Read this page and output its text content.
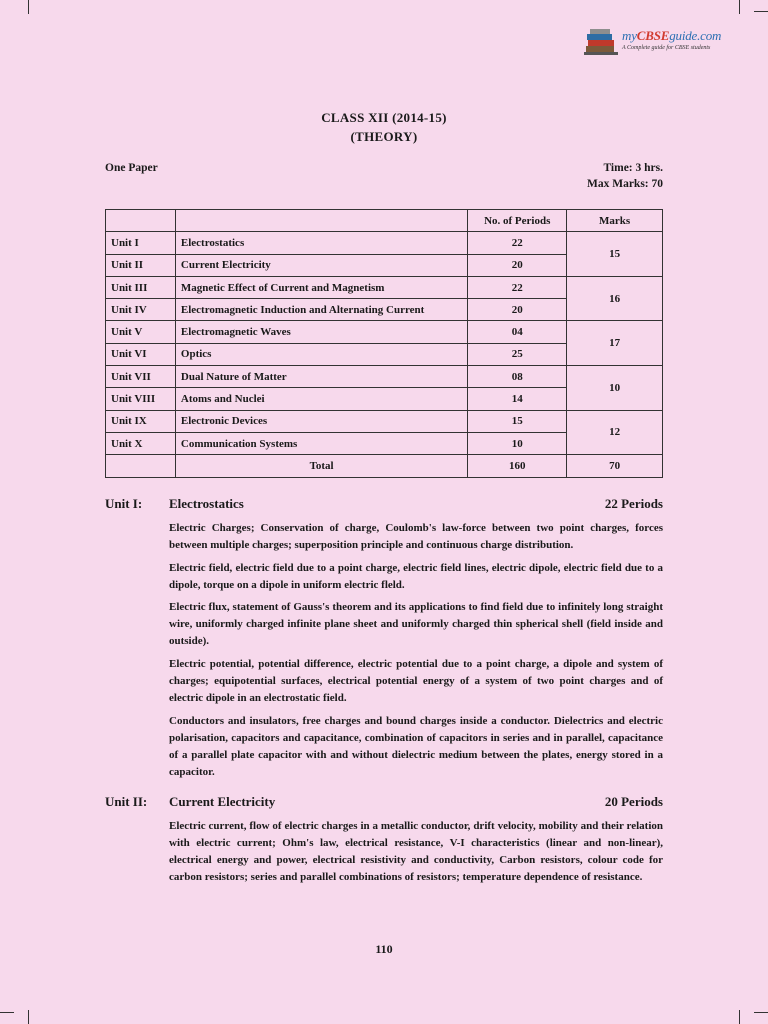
myCBSEguide.com
A Complete guide for CBSE students
CLASS XII (2014-15)
(THEORY)
One Paper	Time: 3 hrs.
Max Marks: 70
		No. of Periods	Marks
Unit I	Electrostatics	22	15
Unit II	Current Electricity	20	
Unit III	Magnetic Effect of Current and Magnetism	22	16
Unit IV	Electromagnetic Induction and Alternating Current	20	
Unit V	Electromagnetic Waves	04	17
Unit VI	Optics	25	
Unit VII	Dual Nature of Matter	08	10
Unit VIII	Atoms and Nuclei	14	
Unit IX	Electronic Devices	15	12
Unit X	Communication Systems	10	
	Total	160	70
Unit I: Electrostatics	22 Periods

Electric Charges; Conservation of charge, Coulomb's law-force between two point charges, forces between multiple charges; superposition principle and continuous charge distribution.

Electric field, electric field due to a point charge, electric field lines, electric dipole, electric field due to a dipole, torque on a dipole in uniform electric fleld.

Electric flux, statement of Gauss's theorem and its applications to find field due to infinitely long straight wire, uniformly charged infinite plane sheet and uniformly charged thin spherical shell (field inside and outside).

Electric potential, potential difference, electric potential due to a point charge, a dipole and system of charges; equipotential surfaces, electrical potential energy of a system of two point charges and of electric dipole in an electrostatic field.

Conductors and insulators, free charges and bound charges inside a conductor. Dielectrics and electric polarisation, capacitors and capacitance, combination of capacitors in series and in parallel, capacitance of a parallel plate capacitor with and without dielectric medium between the plates, energy stored in a capacitor.

Unit II: Current Electricity	20 Periods

Electric current, flow of electric charges in a metallic conductor, drift velocity, mobility and their relation with electric current; Ohm's law, electrical resistance, V-I characteristics (linear and non-linear), electrical energy and power, electrical resistivity and conductivity, Carbon resistors, colour code for carbon resistors; series and parallel combinations of resistors; temperature dependence of resistance.

110
